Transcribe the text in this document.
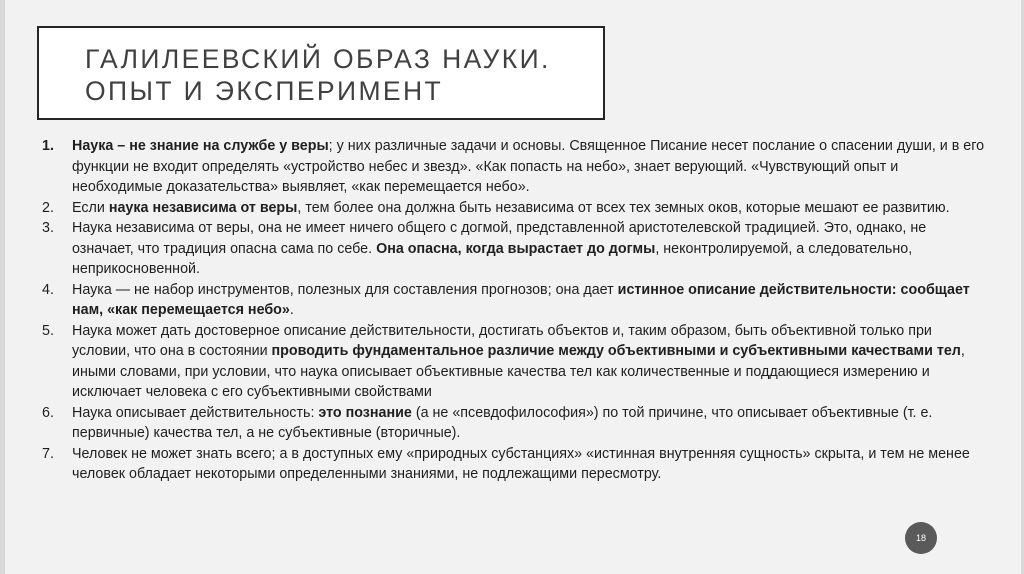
ГАЛИЛЕЕВСКИЙ ОБРАЗ НАУКИ.
ОПЫТ И ЭКСПЕРИМЕНТ
1. Наука – не знание на службе у веры; у них различные задачи и основы. Священное Писание несет послание о спасении души, и в его функции не входит определять «устройство небес и звезд». «Как попасть на небо», знает верующий. «Чувствующий опыт и необходимые доказательства» выявляет, «как перемещается небо».
2. Если наука независима от веры, тем более она должна быть независима от всех тех земных оков, которые мешают ее развитию.
3. Наука независима от веры, она не имеет ничего общего с догмой, представленной аристотелевской традицией. Это, однако, не означает, что традиция опасна сама по себе. Она опасна, когда вырастает до догмы, неконтролируемой, а следовательно, неприкосновенной.
4. Наука — не набор инструментов, полезных для составления прогнозов; она дает истинное описание действительности: сообщает нам, «как перемещается небо».
5. Наука может дать достоверное описание действительности, достигать объектов и, таким образом, быть объективной только при условии, что она в состоянии проводить фундаментальное различие между объективными и субъективными качествами тел, иными словами, при условии, что наука описывает объективные качества тел как количественные и поддающиеся измерению и исключает человека с его субъективными свойствами
6. Наука описывает действительность: это познание (а не «псевдофилософия») по той причине, что описывает объективные (т. е. первичные) качества тел, а не субъективные (вторичные).
7. Человек не может знать всего; а в доступных ему «природных субстанциях» «истинная внутренняя сущность» скрыта, и тем не менее человек обладает некоторыми определенными знаниями, не подлежащими пересмотру.
18
